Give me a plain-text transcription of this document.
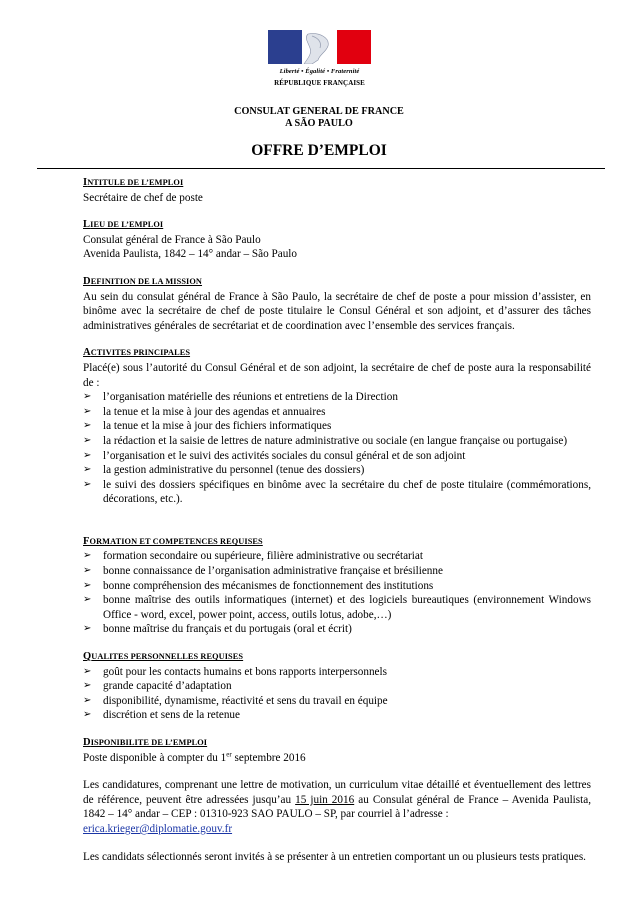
Liberté • Égalité • Fraternité
RÉPUBLIQUE FRANÇAISE
CONSULAT GENERAL DE FRANCE
A SÃO PAULO
OFFRE D’EMPLOI
INTITULE DE L’EMPLOI
Secrétaire de chef de poste
LIEU DE L’EMPLOI
Consulat général de France à São Paulo
Avenida Paulista, 1842 – 14° andar – São Paulo
DEFINITION DE LA MISSION
Au sein du consulat général de France à São Paulo, la secrétaire de chef de poste a pour mission d’assister, en binôme avec la secrétaire de chef de poste titulaire le Consul Général et son adjoint, et d’assurer des tâches administratives générales de secrétariat et de coordination avec l’ensemble des services français.
ACTIVITES PRINCIPALES
Placé(e) sous l’autorité du Consul Général et de son adjoint, la secrétaire de chef de poste aura la responsabilité de :
➢ l’organisation matérielle des réunions et entretiens de la Direction
➢ la tenue et la mise à jour des agendas et annuaires
➢ la tenue et la mise à jour des fichiers informatiques
➢ la rédaction et la saisie de lettres de nature administrative ou sociale (en langue française ou portugaise)
➢ l’organisation et le suivi des activités sociales du consul général et de son adjoint
➢ la gestion administrative du personnel (tenue des dossiers)
➢ le suivi des dossiers spécifiques en binôme avec la secrétaire du chef de poste titulaire (commémorations, décorations, etc.).
FORMATION ET COMPETENCES REQUISES
➢ formation secondaire ou supérieure, filière administrative ou secrétariat
➢ bonne connaissance de l’organisation administrative française et brésilienne
➢ bonne compréhension des mécanismes de fonctionnement des institutions
➢ bonne maîtrise des outils informatiques (internet) et des logiciels bureautiques (environnement Windows Office - word, excel, power point, access, outils lotus, adobe,…)
➢ bonne maîtrise du français et du portugais (oral et écrit)
QUALITES PERSONNELLES REQUISES
➢ goût pour les contacts humains et bons rapports interpersonnels
➢ grande capacité d’adaptation
➢ disponibilité, dynamisme, réactivité et sens du travail en équipe
➢ discrétion et sens de la retenue
DISPONIBILITE DE L’EMPLOI
Poste disponible à compter du 1er septembre 2016
Les candidatures, comprenant une lettre de motivation, un curriculum vitae détaillé et éventuellement des lettres de référence, peuvent être adressées jusqu’au 15 juin 2016 au Consulat général de France – Avenida Paulista, 1842 – 14° andar – CEP : 01310-923 SAO PAULO – SP, par courriel à l’adresse :
erica.krieger@diplomatie.gouv.fr
Les candidats sélectionnés seront invités à se présenter à un entretien comportant un ou plusieurs tests pratiques.
